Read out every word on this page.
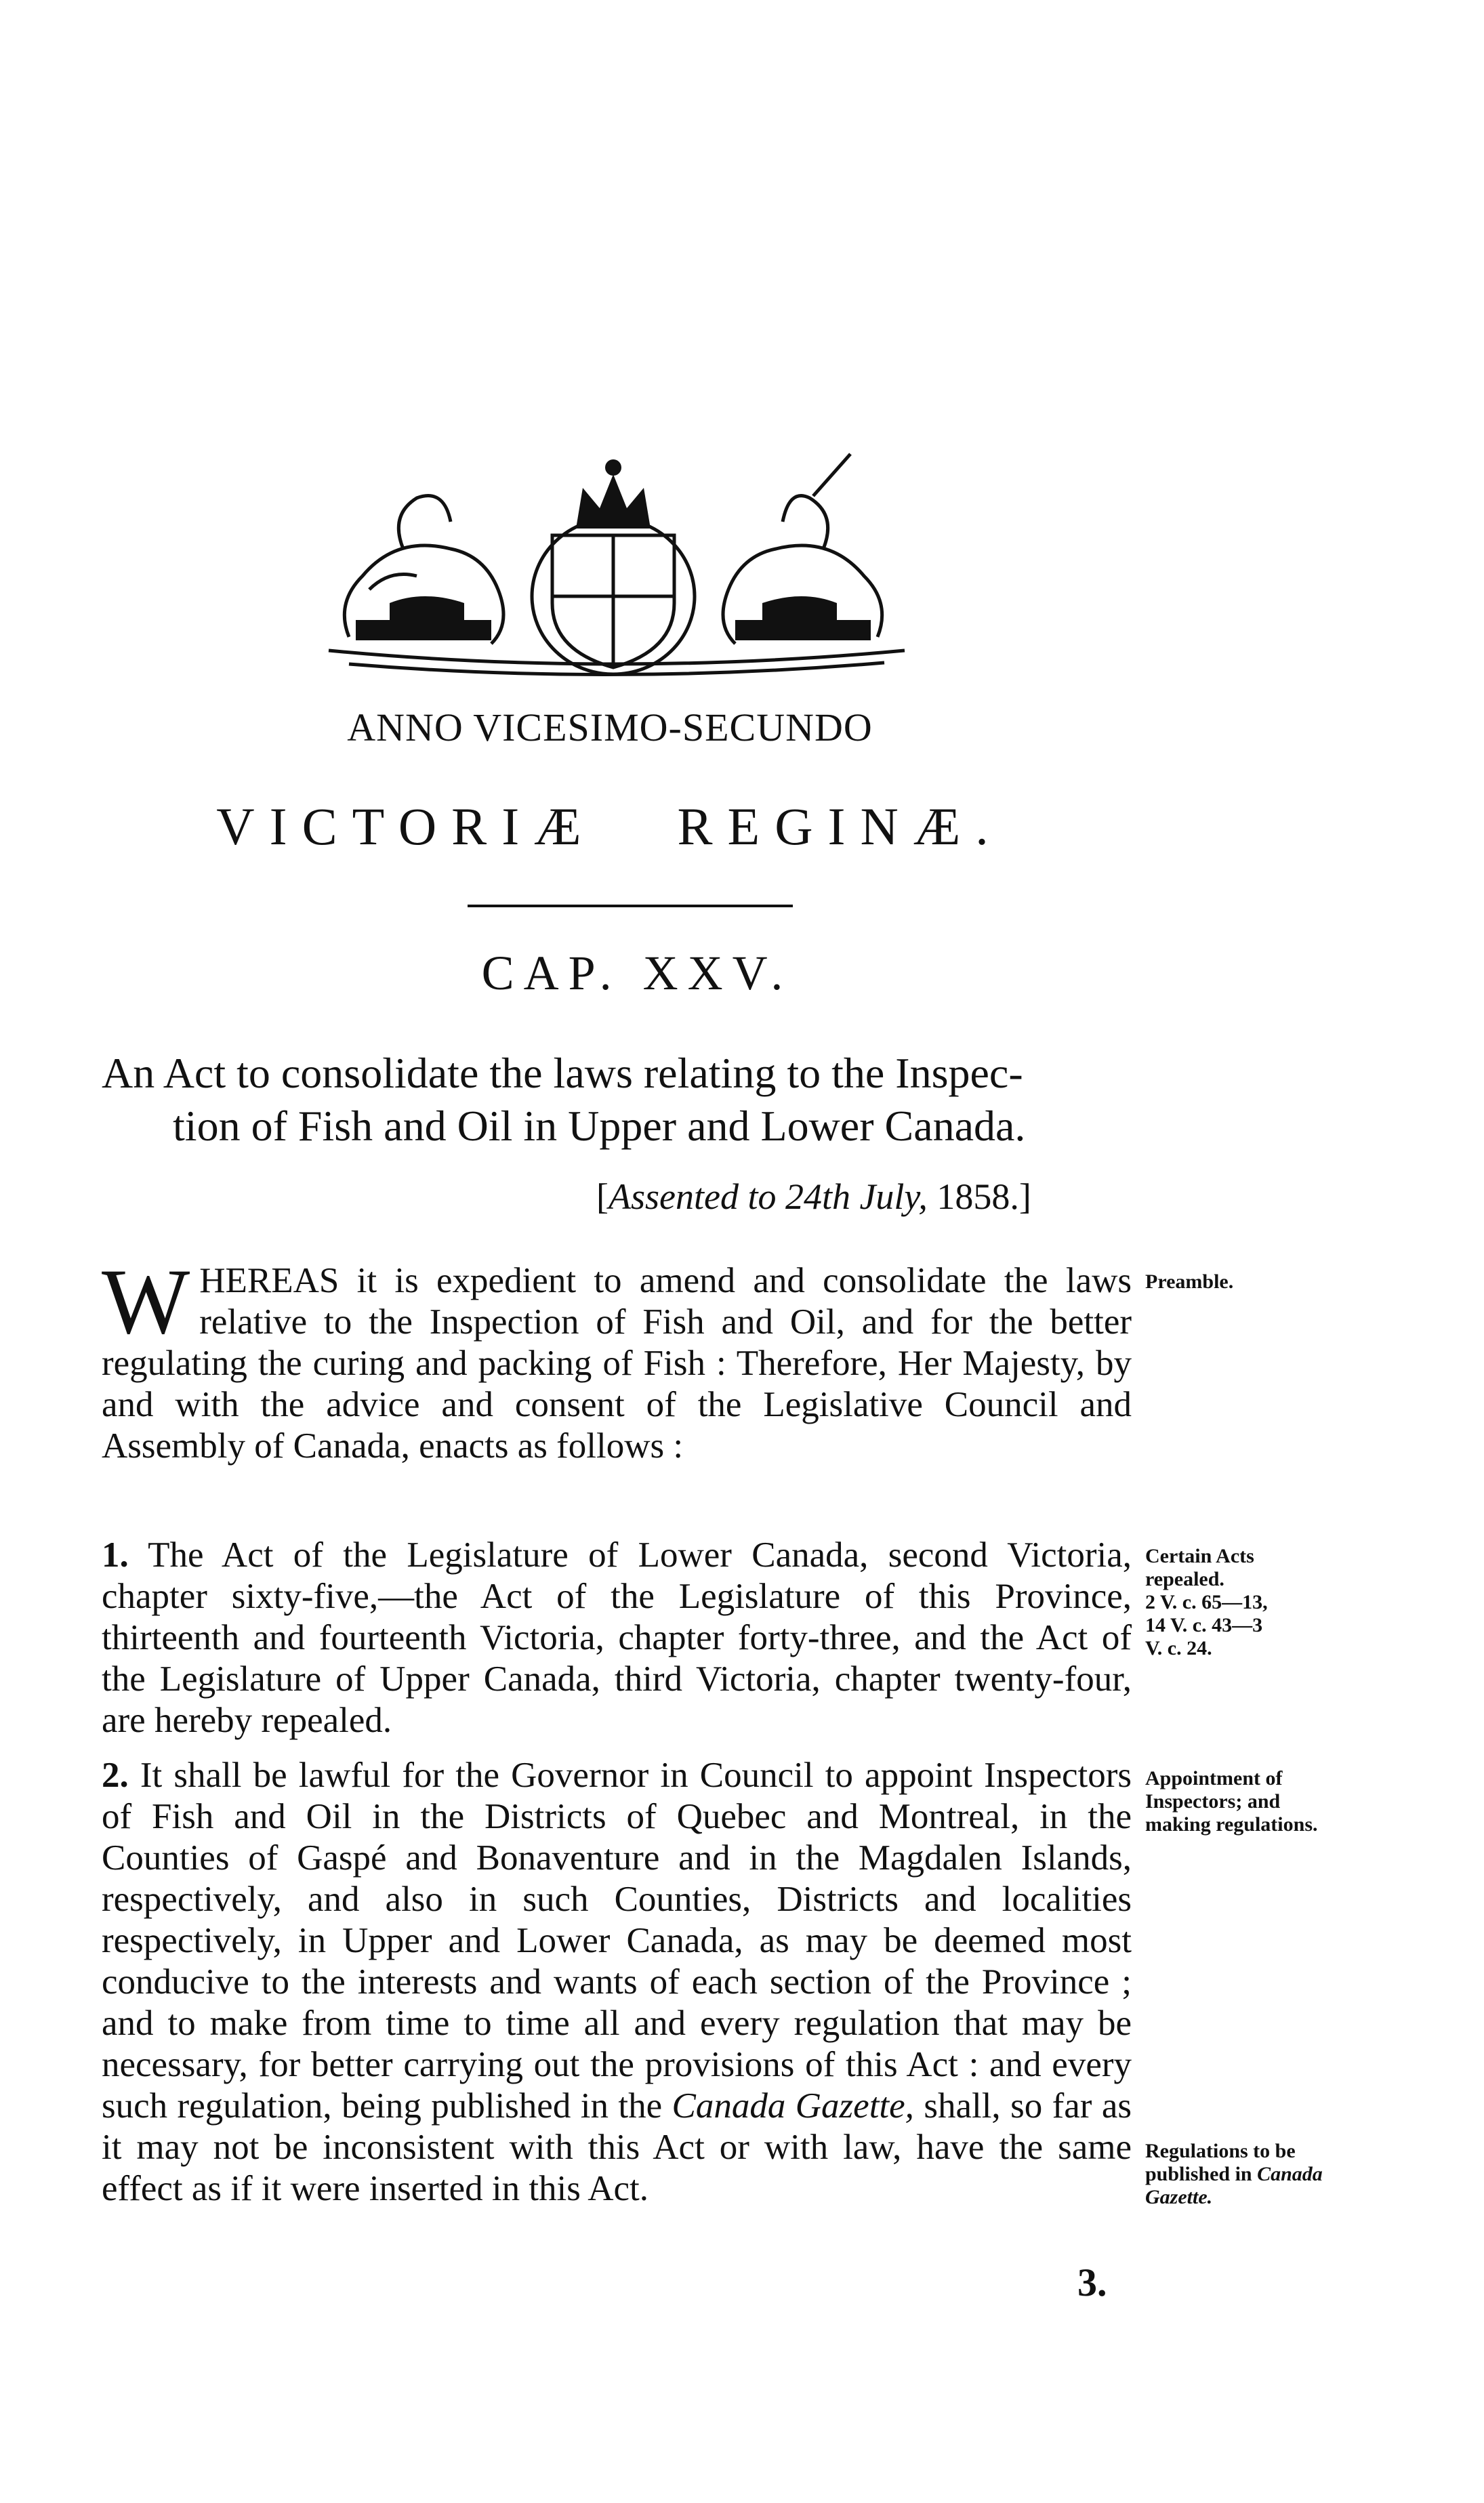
ANNO VICESIMO-SECUNDO
VICTORIÆ REGINÆ.
CAP. XXV.
An Act to consolidate the laws relating to the Inspec-
tion of Fish and Oil in Upper and Lower Canada.
[Assented to 24th July, 1858.]
WHEREAS it is expedient to amend and consolidate the laws relative to the Inspection of Fish and Oil, and for the better regulating the curing and packing of Fish : Therefore, Her Majesty, by and with the advice and consent of the Legislative Council and Assembly of Canada, enacts as follows :
1. The Act of the Legislature of Lower Canada, second Victoria, chapter sixty-five,—the Act of the Legislature of this Province, thirteenth and fourteenth Victoria, chapter forty-three, and the Act of the Legislature of Upper Canada, third Victoria, chapter twenty-four, are hereby repealed.
2. It shall be lawful for the Governor in Council to appoint Inspectors of Fish and Oil in the Districts of Quebec and Montreal, in the Counties of Gaspé and Bonaventure and in the Magdalen Islands, respectively, and also in such Counties, Districts and localities respectively, in Upper and Lower Canada, as may be deemed most conducive to the interests and wants of each section of the Province ; and to make from time to time all and every regulation that may be necessary, for better carrying out the provisions of this Act : and every such regulation, being published in the Canada Gazette, shall, so far as it may not be inconsistent with this Act or with law, have the same effect as if it were inserted in this Act.
Preamble.
Certain Acts repealed.
2 V. c. 65—13,
14 V. c. 43—3
V. c. 24.
Appointment of Inspectors; and making regulations.
Regulations to be published in Canada Gazette.
3.
